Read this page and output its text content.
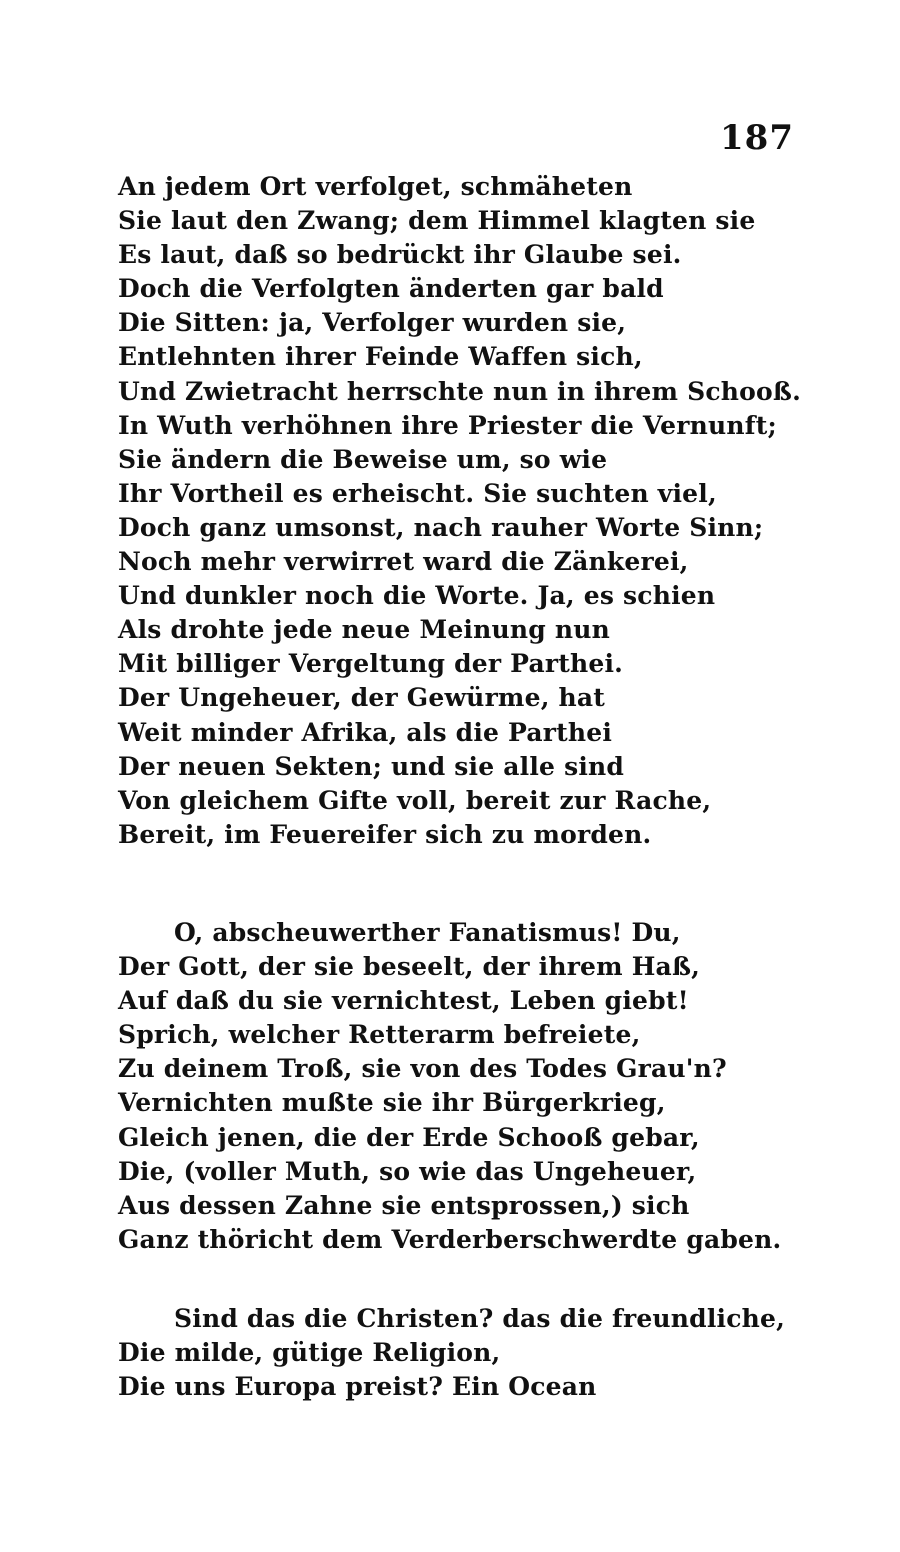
187
An jedem Ort verfolget, schmäheten
Sie laut den Zwang; dem Himmel klagten sie
Es laut, daß so bedrückt ihr Glaube sei.
Doch die Verfolgten änderten gar bald
Die Sitten: ja, Verfolger wurden sie,
Entlehnten ihrer Feinde Waffen sich,
Und Zwietracht herrschte nun in ihrem Schooß.
In Wuth verhöhnen ihre Priester die Vernunft;
Sie ändern die Beweise um, so wie
Ihr Vortheil es erheischt. Sie suchten viel,
Doch ganz umsonst, nach rauher Worte Sinn;
Noch mehr verwirret ward die Zänkerei,
Und dunkler noch die Worte. Ja, es schien
Als drohte jede neue Meinung nun
Mit billiger Vergeltung der Parthei.
Der Ungeheuer, der Gewürme, hat
Weit minder Afrika, als die Parthei
Der neuen Sekten; und sie alle sind
Von gleichem Gifte voll, bereit zur Rache,
Bereit, im Feuereifer sich zu morden.
O, abscheuwerther Fanatismus! Du,
Der Gott, der sie beseelt, der ihrem Haß,
Auf daß du sie vernichtest, Leben giebt!
Sprich, welcher Retterarm befreiete,
Zu deinem Troß, sie von des Todes Grau'n?
Vernichten mußte sie ihr Bürgerkrieg,
Gleich jenen, die der Erde Schooß gebar,
Die, (voller Muth, so wie das Ungeheuer,
Aus dessen Zahne sie entsprossen,) sich
Ganz thöricht dem Verderberschwerdte gaben.
Sind das die Christen? das die freundliche,
Die milde, gütige Religion,
Die uns Europa preist? Ein Ocean
